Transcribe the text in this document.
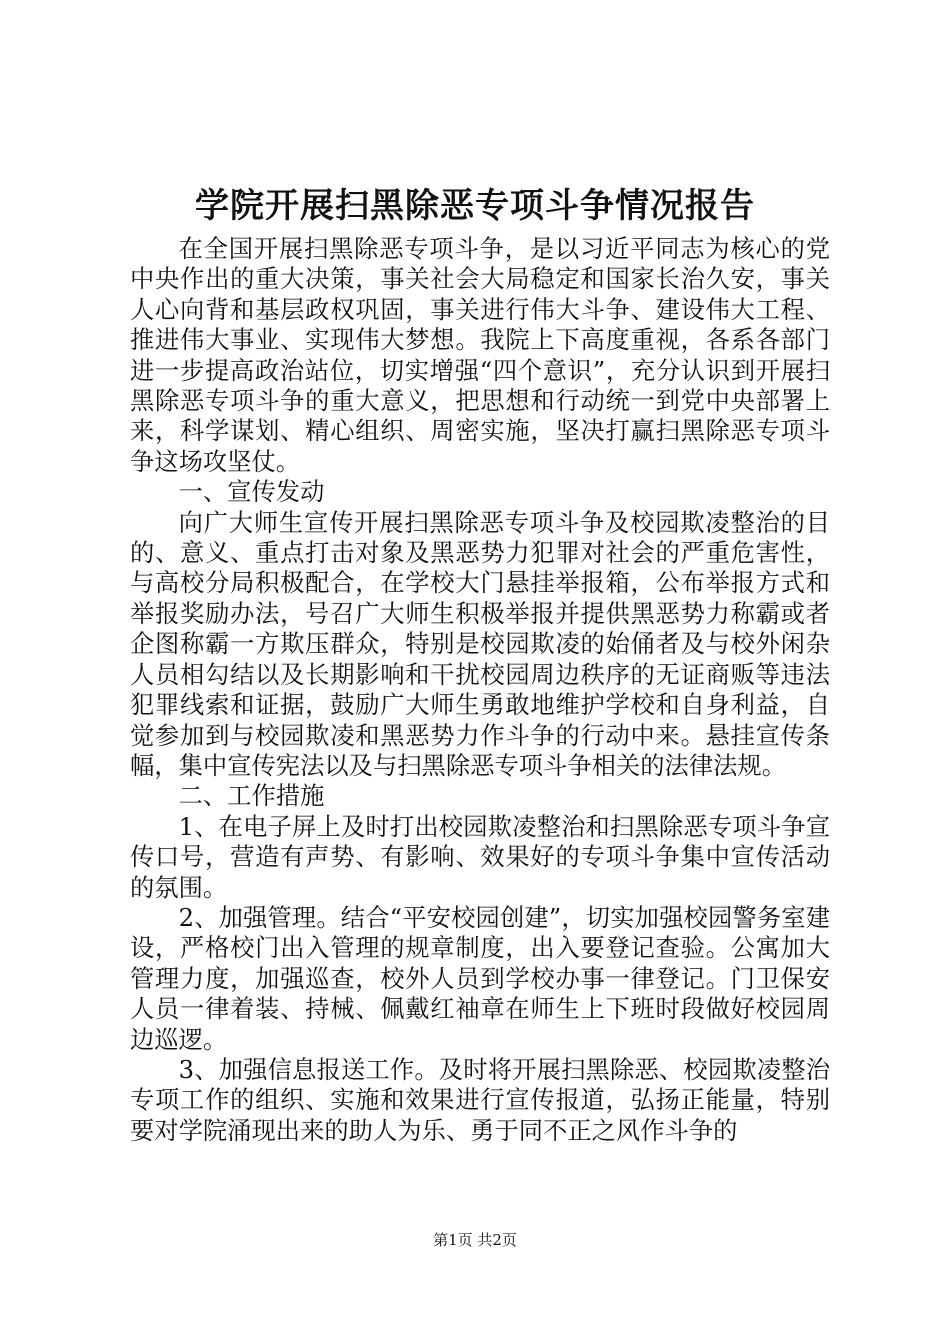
学院开展扫黑除恶专项斗争情况报告

在全国开展扫黑除恶专项斗争，是以习近平同志为核心的党中央作出的重大决策，事关社会大局稳定和国家长治久安，事关人心向背和基层政权巩固，事关进行伟大斗争、建设伟大工程、推进伟大事业、实现伟大梦想。我院上下高度重视，各系各部门进一步提高政治站位，切实增强“四个意识”，充分认识到开展扫黑除恶专项斗争的重大意义，把思想和行动统一到党中央部署上来，科学谋划、精心组织、周密实施，坚决打赢扫黑除恶专项斗争这场攻坚仗。

一、宣传发动

向广大师生宣传开展扫黑除恶专项斗争及校园欺凌整治的目的、意义、重点打击对象及黑恶势力犯罪对社会的严重危害性，与高校分局积极配合，在学校大门悬挂举报箱，公布举报方式和举报奖励办法，号召广大师生积极举报并提供黑恶势力称霸或者企图称霸一方欺压群众，特别是校园欺凌的始俑者及与校外闲杂人员相勾结以及长期影响和干扰校园周边秩序的无证商贩等违法犯罪线索和证据，鼓励广大师生勇敢地维护学校和自身利益，自觉参加到与校园欺凌和黑恶势力作斗争的行动中来。悬挂宣传条幅，集中宣传宪法以及与扫黑除恶专项斗争相关的法律法规。

二、工作措施

1、在电子屏上及时打出校园欺凌整治和扫黑除恶专项斗争宣传口号，营造有声势、有影响、效果好的专项斗争集中宣传活动的氛围。

2、加强管理。结合“平安校园创建”，切实加强校园警务室建设，严格校门出入管理的规章制度，出入要登记查验。公寓加大管理力度，加强巡查，校外人员到学校办事一律登记。门卫保安人员一律着装、持械、佩戴红袖章在师生上下班时段做好校园周边巡逻。

3、加强信息报送工作。及时将开展扫黑除恶、校园欺凌整治专项工作的组织、实施和效果进行宣传报道，弘扬正能量，特别要对学院涌现出来的助人为乐、勇于同不正之风作斗争的

第1页 共2页
